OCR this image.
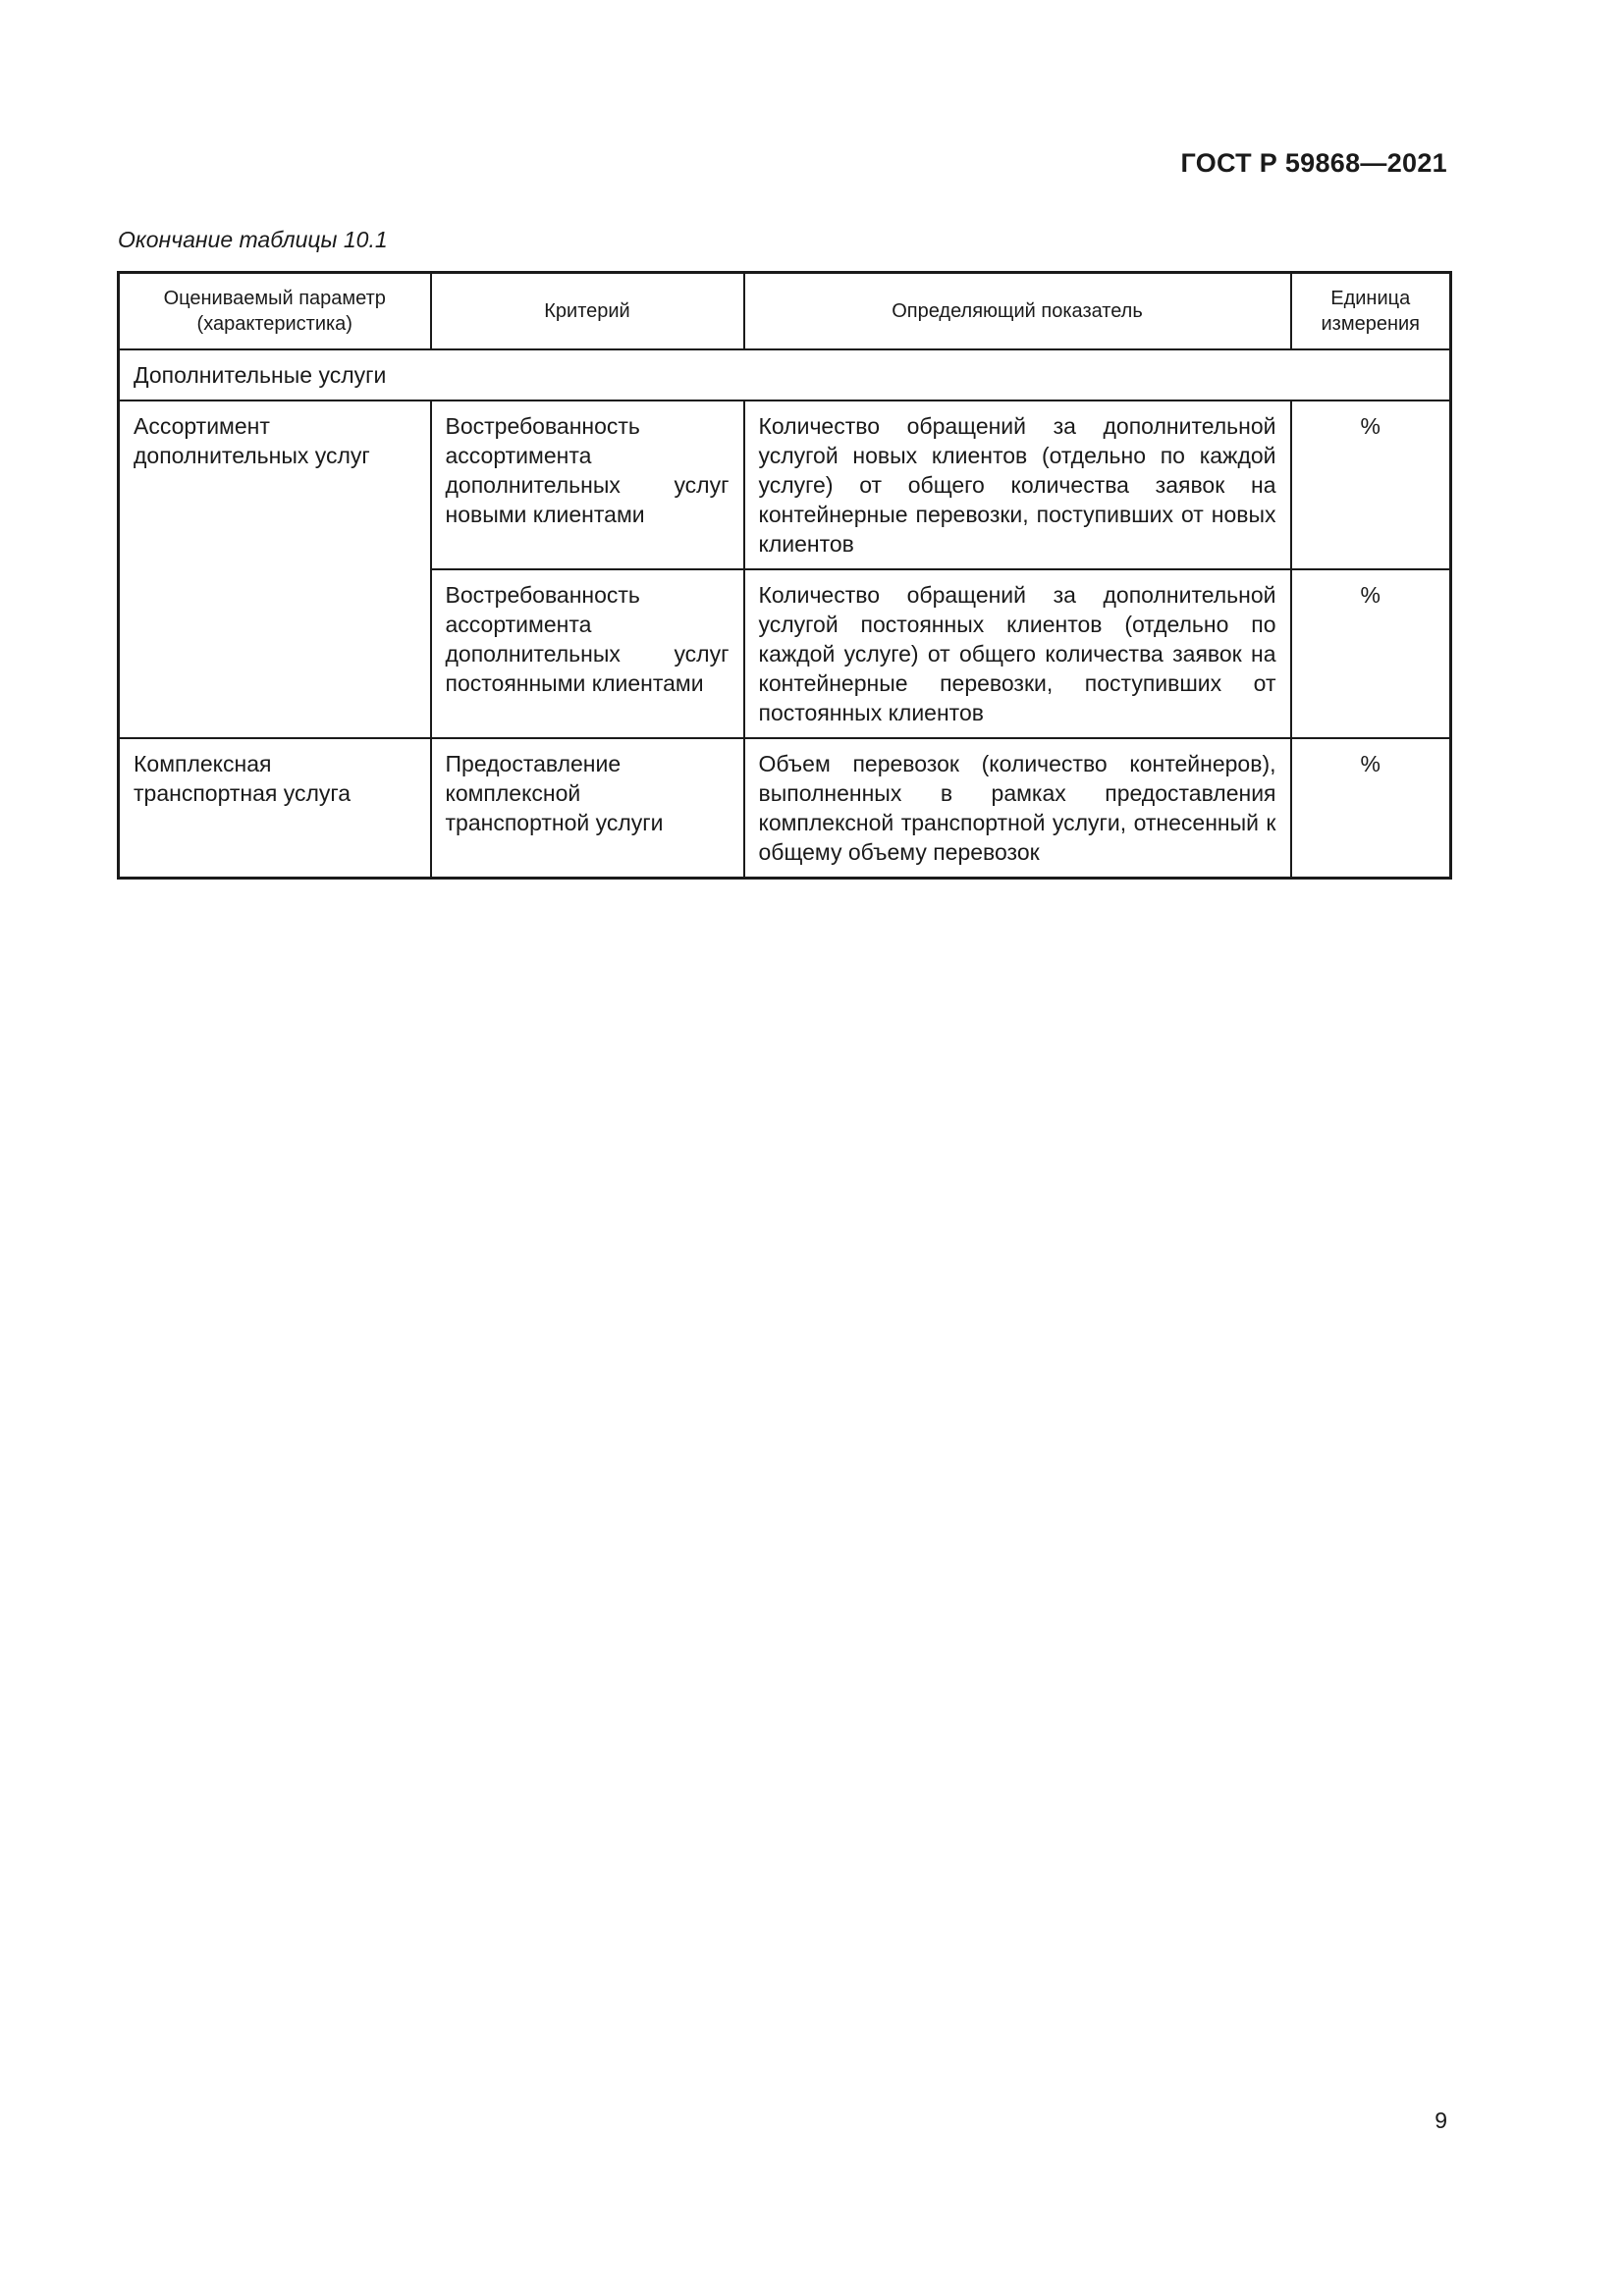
ГОСТ Р 59868—2021
Окончание таблицы 10.1
Оцениваемый параметр (характеристика)	Критерий	Определяющий показатель	Единица измерения
Дополнительные услуги			
Ассортимент дополнительных услуг	Востребованность ассортимента дополнительных услуг новыми клиентами	Количество обращений за дополнительной услугой новых клиентов (отдельно по каждой услуге) от общего количества заявок на контейнерные перевозки, поступивших от новых клиентов	%
	Востребованность ассортимента дополнительных услуг постоянными клиентами	Количество обращений за дополнительной услугой постоянных клиентов (отдельно по каждой услуге) от общего количества заявок на контейнерные перевозки, поступивших от постоянных клиентов	%
Комплексная транспортная услуга	Предоставление комплексной транспортной услуги	Объем перевозок (количество контейнеров), выполненных в рамках предоставления комплексной транспортной услуги, отнесенный к общему объему перевозок	%
9
